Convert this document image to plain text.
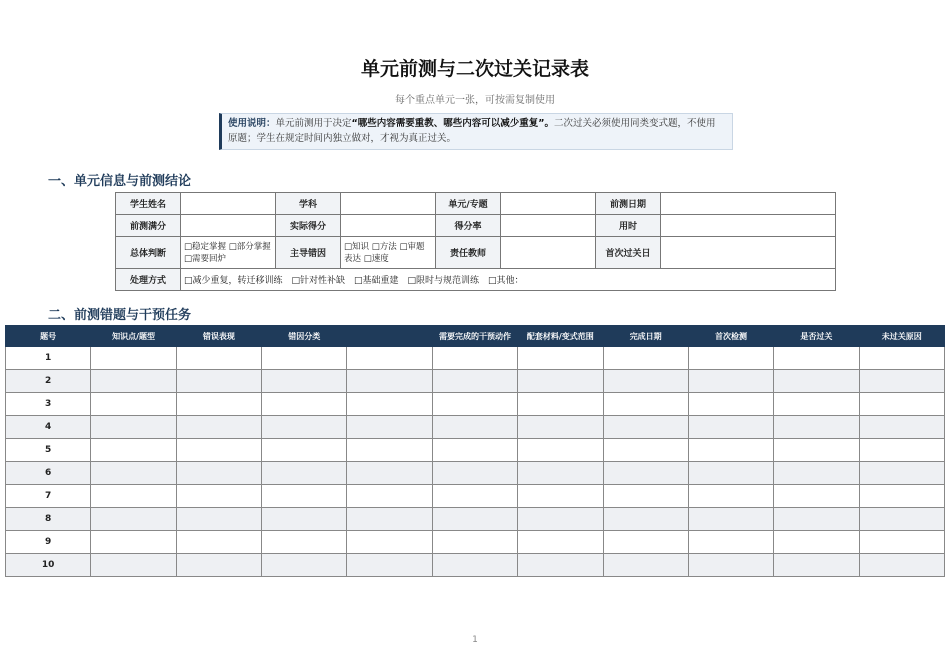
单元前测与二次过关记录表
每个重点单元一张，可按需复制使用
使用说明：单元前测用于决定“哪些内容需要重教、哪些内容可以减少重复”。二次过关必须使用同类变式题，不使用原题；学生在规定时间内独立做对，才视为真正过关。
一、单元信息与前测结论
学生姓名		学科		单元/专题		前测日期	
前测满分		实际得分		得分率		用时	
总体判断	□稳定掌握 □部分掌握 □需要回炉	主导错因	□知识 □方法 □审题表达 □速度	责任教师		首次过关日	
处理方式	□减少重复，转迁移训练　□针对性补缺　□基础重建　□限时与规范训练　□其他：						
二、前测错题与干预任务
题号	知识点/题型	错误表现	错因分类		需要完成的干预动作	配套材料/变式范围	完成日期	首次检测	是否过关	未过关原因
1										
2										
3										
4										
5										
6										
7										
8										
9										
10										
1
